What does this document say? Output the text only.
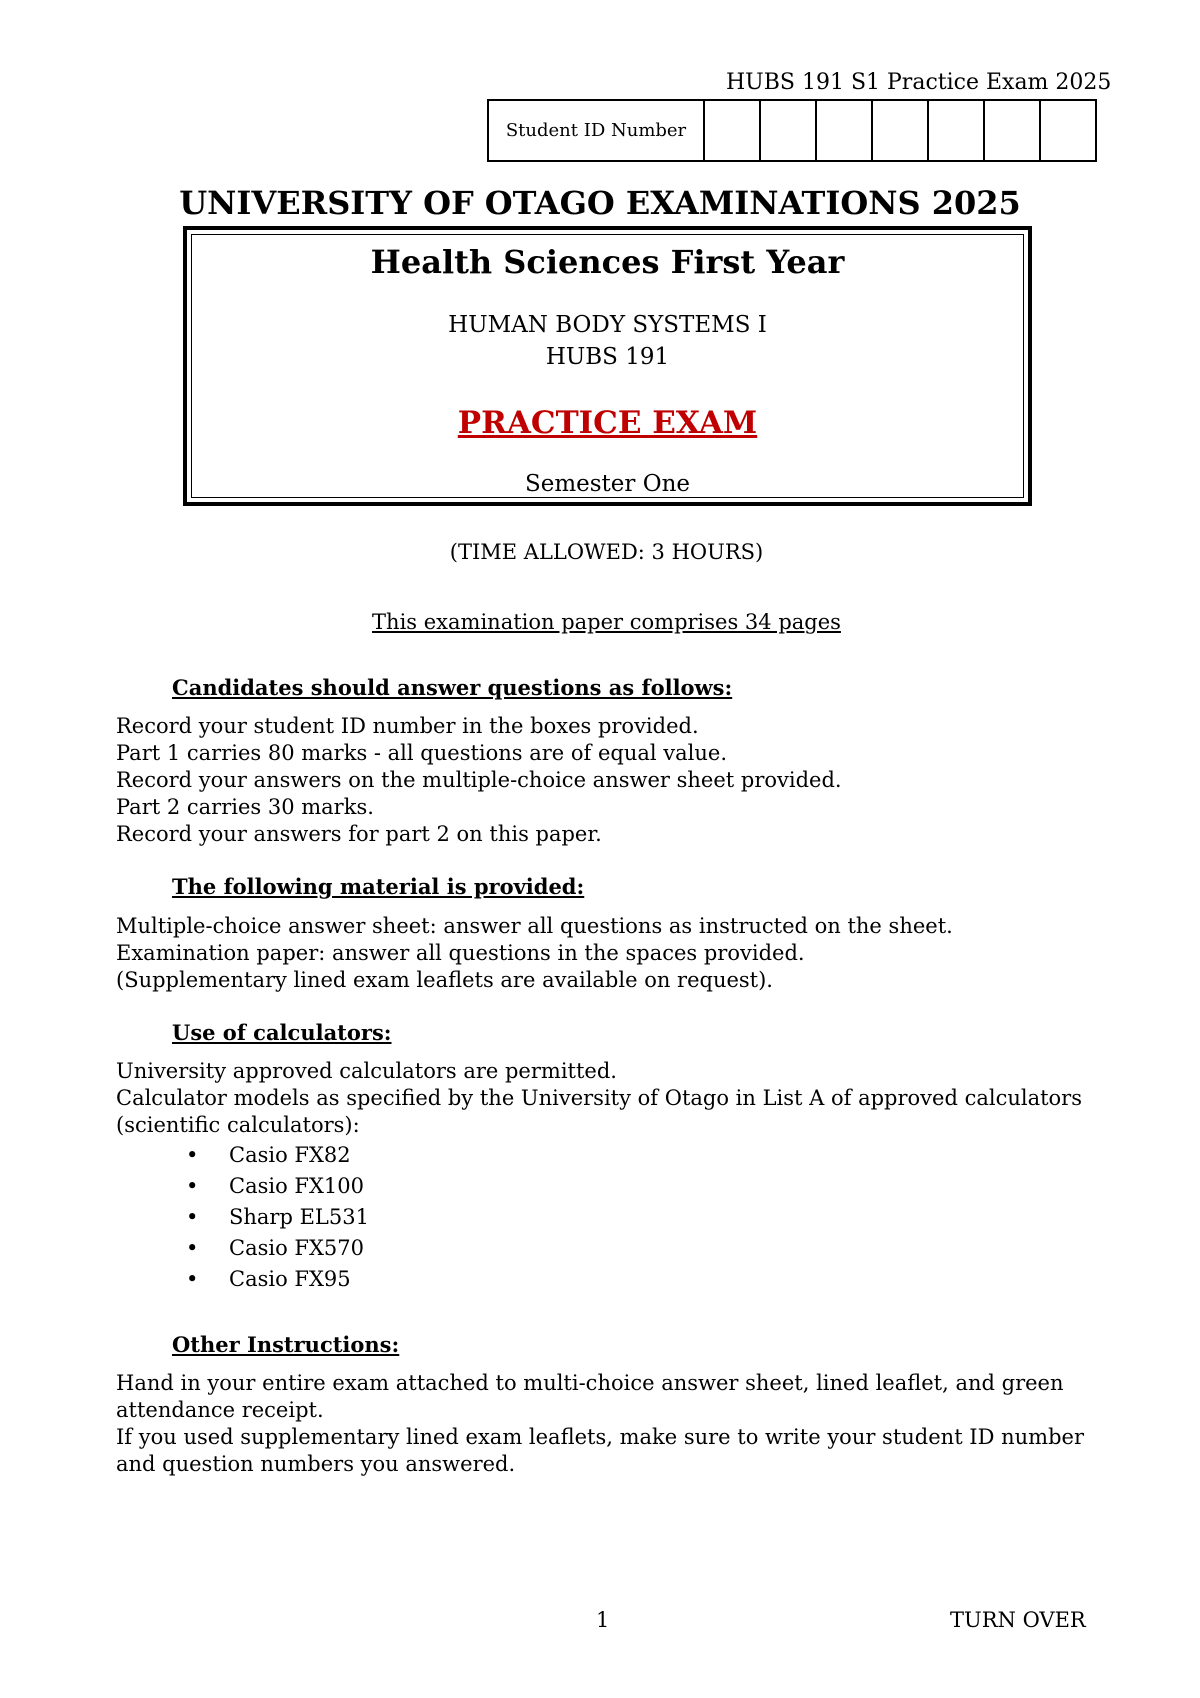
HUBS 191 S1 Practice Exam 2025
Student ID Number							
UNIVERSITY OF OTAGO EXAMINATIONS 2025
Health Sciences First Year
HUMAN BODY SYSTEMS I
HUBS 191
PRACTICE EXAM
Semester One
(TIME ALLOWED: 3 HOURS)
This examination paper comprises 34 pages
Candidates should answer questions as follows:

Record your student ID number in the boxes provided.

Part 1 carries 80 marks - all questions are of equal value.

Record your answers on the multiple-choice answer sheet provided.

Part 2 carries 30 marks.

Record your answers for part 2 on this paper.

The following material is provided:

Multiple-choice answer sheet: answer all questions as instructed on the sheet.

Examination paper: answer all questions in the spaces provided.

(Supplementary lined exam leaflets are available on request).

Use of calculators:

University approved calculators are permitted.

Calculator models as specified by the University of Otago in List A of approved calculators (scientific calculators):

• Casio FX82
• Casio FX100
• Sharp EL531
• Casio FX570
• Casio FX95
Other Instructions:

Hand in your entire exam attached to multi-choice answer sheet, lined leaflet, and green attendance receipt.

If you used supplementary lined exam leaflets, make sure to write your student ID number and question numbers you answered.

1	TURN OVER
